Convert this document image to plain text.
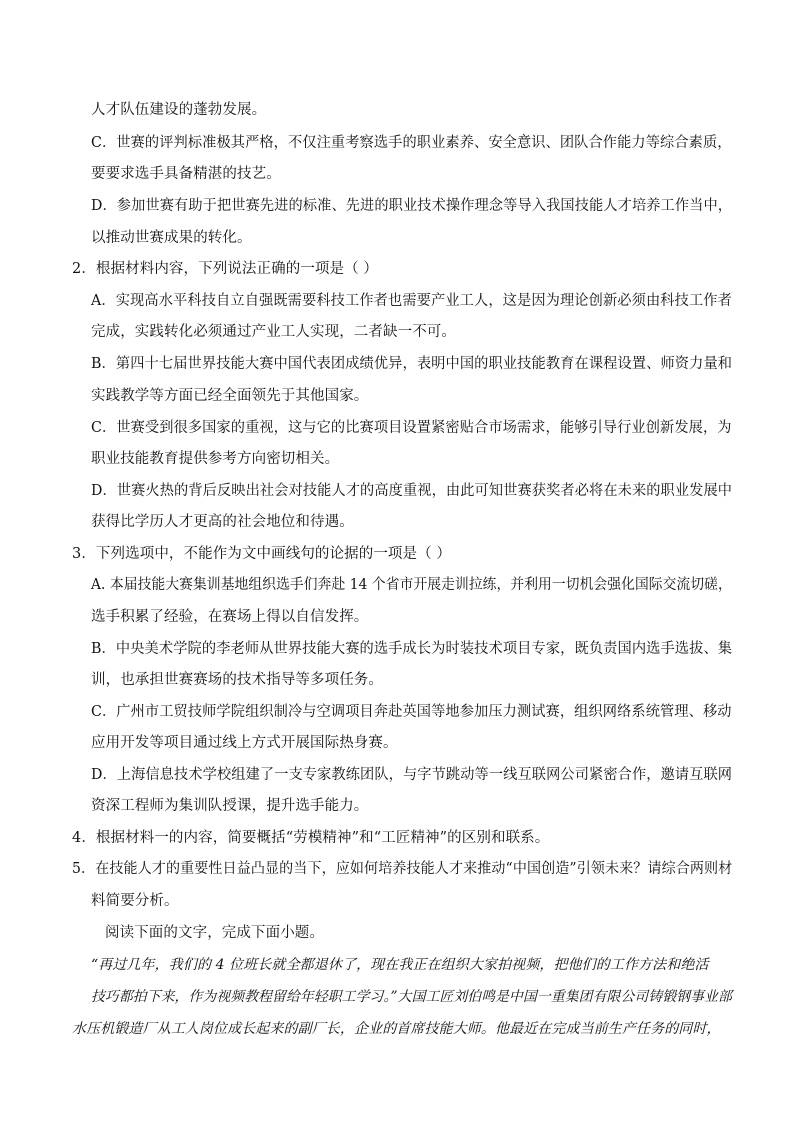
人才队伍建设的蓬勃发展。
C．世赛的评判标准极其严格，不仅注重考察选手的职业素养、安全意识、团队合作能力等综合素质，
要要求选手具备精湛的技艺。
D．参加世赛有助于把世赛先进的标准、先进的职业技术操作理念等导入我国技能人才培养工作当中，
以推动世赛成果的转化。
2．根据材料内容，下列说法正确的一项是（ ）
A．实现高水平科技自立自强既需要科技工作者也需要产业工人，这是因为理论创新必须由科技工作者
完成，实践转化必须通过产业工人实现，二者缺一不可。
B．第四十七届世界技能大赛中国代表团成绩优异，表明中国的职业技能教育在课程设置、师资力量和
实践教学等方面已经全面领先于其他国家。
C．世赛受到很多国家的重视，这与它的比赛项目设置紧密贴合市场需求，能够引导行业创新发展，为
职业技能教育提供参考方向密切相关。
D．世赛火热的背后反映出社会对技能人才的高度重视，由此可知世赛获奖者必将在未来的职业发展中
获得比学历人才更高的社会地位和待遇。
3．下列选项中，不能作为文中画线句的论据的一项是（ ）
A. 本届技能大赛集训基地组织选手们奔赴 14 个省市开展走训拉练，并利用一切机会强化国际交流切磋，
选手积累了经验，在赛场上得以自信发挥。
B．中央美术学院的李老师从世界技能大赛的选手成长为时装技术项目专家，既负责国内选手选拔、集
训，也承担世赛赛场的技术指导等多项任务。
C．广州市工贸技师学院组织制冷与空调项目奔赴英国等地参加压力测试赛，组织网络系统管理、移动
应用开发等项目通过线上方式开展国际热身赛。
D．上海信息技术学校组建了一支专家教练团队，与字节跳动等一线互联网公司紧密合作，邀请互联网
资深工程师为集训队授课，提升选手能力。
4．根据材料一的内容，简要概括“劳模精神”和“工匠精神”的区别和联系。
5．在技能人才的重要性日益凸显的当下，应如何培养技能人才来推动“中国创造”引领未来？请综合两则材
料简要分析。
阅读下面的文字，完成下面小题。
“再过几年，我们的 4 位班长就全都退休了，现在我正在组织大家拍视频，把他们的工作方法和绝活
技巧都拍下来，作为视频教程留给年轻职工学习。”大国工匠刘伯鸣是中国一重集团有限公司铸锻钢事业部
水压机锻造厂从工人岗位成长起来的副厂长，企业的首席技能大师。他最近在完成当前生产任务的同时，
